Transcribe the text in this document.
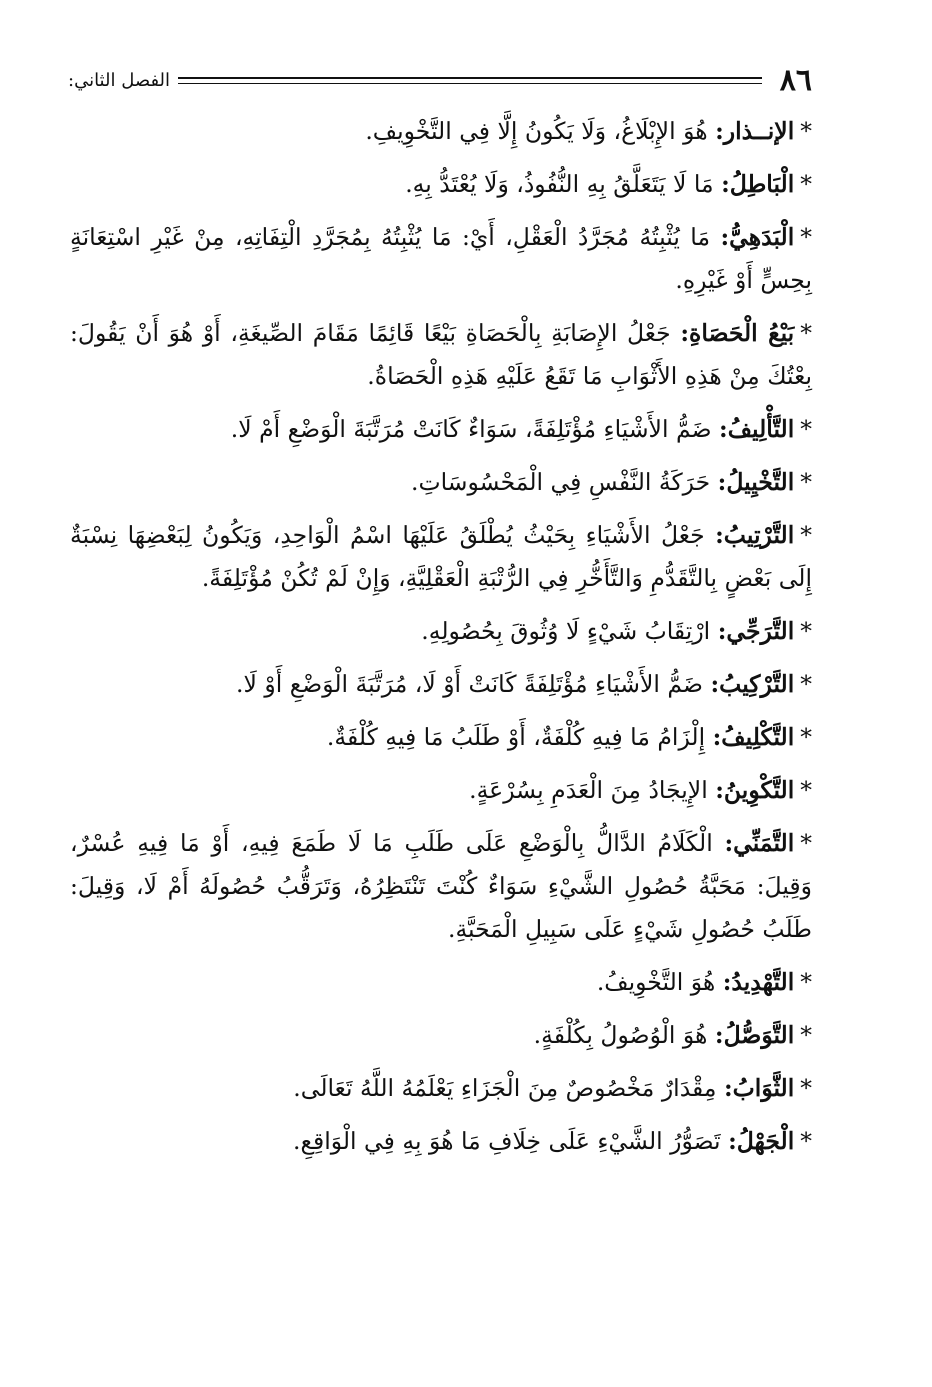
٨٦
الفصل الثاني:

*الإنــذار: هُوَ الإِبْلَاغُ، وَلَا يَكُونُ إِلَّا فِي التَّخْوِيفِ.

*الْبَاطِلُ: مَا لَا يَتَعَلَّقُ بِهِ النُّفُوذُ، وَلَا يُعْتَدُّ بِهِ.

*الْبَدَهِيُّ: مَا يُثْبِتُهُ مُجَرَّدُ الْعَقْلِ، أَيْ: مَا يُثْبِتُهُ بِمُجَرَّدِ الْتِفَاتِهِ، مِنْ غَيْرِ اسْتِعَانَةٍ بِحِسٍّ أَوْ غَيْرِهِ.

*بَيْعُ الْحَصَاةِ: جَعْلُ الإِصَابَةِ بِالْحَصَاةِ بَيْعًا قَائِمًا مَقَامَ الصِّيغَةِ، أَوْ هُوَ أَنْ يَقُولَ: بِعْتُكَ مِنْ هَذِهِ الأَثْوَابِ مَا تَقَعُ عَلَيْهِ هَذِهِ الْحَصَاةُ.

*التَّأْلِيفُ: ضَمُّ الأَشْيَاءِ مُؤْتَلِفَةً، سَوَاءٌ كَانَتْ مُرَتَّبَةَ الْوَضْعِ أَمْ لَا.

*التَّخْيِيلُ: حَرَكَةُ النَّفْسِ فِي الْمَحْسُوسَاتِ.

*التَّرْتِيبُ: جَعْلُ الأَشْيَاءِ بِحَيْثُ يُطْلَقُ عَلَيْهَا اسْمُ الْوَاحِدِ، وَيَكُونُ لِبَعْضِهَا نِسْبَةٌ إِلَى بَعْضٍ بِالتَّقَدُّمِ وَالتَّأَخُّرِ فِي الرُّتْبَةِ الْعَقْلِيَّةِ، وَإِنْ لَمْ تُكُنْ مُؤْتَلِفَةً.

*التَّرَجِّي: ارْتِقَابُ شَيْءٍ لَا وُثُوقَ بِحُصُولِهِ.

*التَّرْكِيبُ: ضَمُّ الأَشْيَاءِ مُؤْتَلِفَةً كَانَتْ أَوْ لَا، مُرَتَّبَةَ الْوَضْعِ أَوْ لَا.

*التَّكْلِيفُ: إِلْزَامُ مَا فِيهِ كُلْفَةٌ، أَوْ طَلَبُ مَا فِيهِ كُلْفَةٌ.

*التَّكْوِينُ: الإِيجَادُ مِنَ الْعَدَمِ بِسُرْعَةٍ.

*التَّمَنِّي: الْكَلَامُ الدَّالُّ بِالْوَضْعِ عَلَى طَلَبِ مَا لَا طَمَعَ فِيهِ، أَوْ مَا فِيهِ عُسْرٌ، وَقِيلَ: مَحَبَّةُ حُصُولِ الشَّيْءِ سَوَاءٌ كُنْتَ تَنْتَظِرُهُ، وَتَرَقُّبُ حُصُولَهُ أَمْ لَا، وَقِيلَ: طَلَبُ حُصُولِ شَيْءٍ عَلَى سَبِيلِ الْمَحَبَّةِ.

*التَّهْدِيدُ: هُوَ التَّخْوِيفُ.

*التَّوَصُّلُ: هُوَ الْوُصُولُ بِكُلْفَةٍ.

*الثَّوَابُ: مِقْدَارٌ مَخْصُوصٌ مِنَ الْجَزَاءِ يَعْلَمُهُ اللَّهُ تَعَالَى.

*الْجَهْلُ: تَصَوُّرُ الشَّيْءِ عَلَى خِلَافِ مَا هُوَ بِهِ فِي الْوَاقِعِ.
